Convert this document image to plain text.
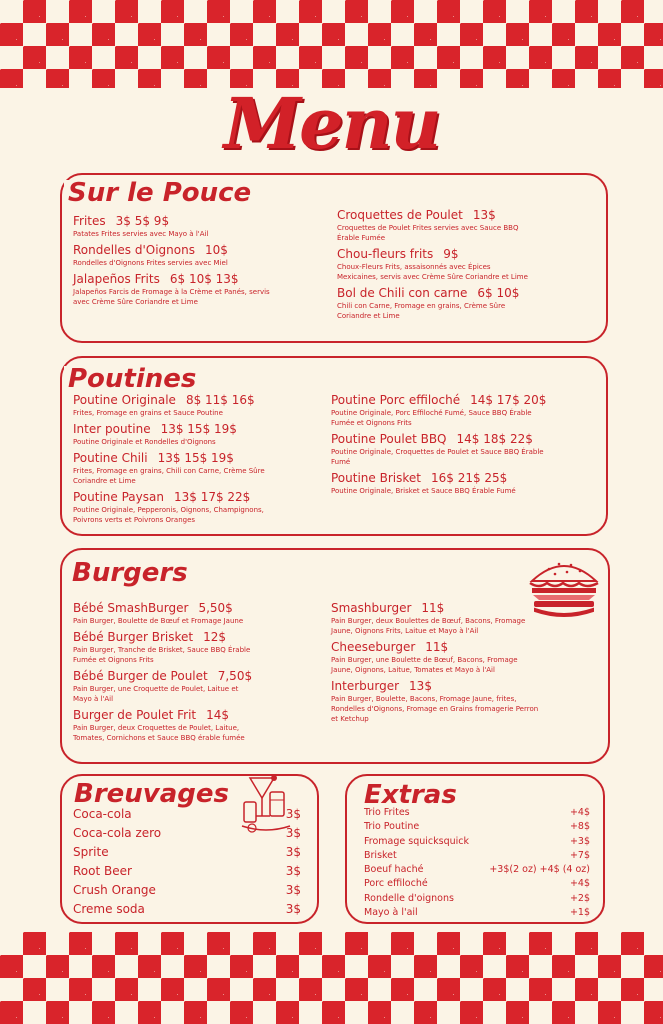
Menu
Sur le Pouce
Frites 3$ 5$ 9$
Patates Frites servies avec Mayo à l'Ail
Rondelles d'Oignons 10$
Rondelles d'Oignons Frites servies avec Miel
Jalapeños Frits 6$ 10$ 13$
Jalapeños Farcis de Fromage à la Crème et Panés, servis avec Crème Sûre Coriandre et Lime
Croquettes de Poulet 13$
Croquettes de Poulet Frites servies avec Sauce BBQ Érable Fumée
Chou-fleurs frits 9$
Choux-Fleurs Frits, assaisonnés avec Épices Mexicaines, servis avec Crème Sûre Coriandre et Lime
Bol de Chili con carne 6$ 10$
Chili con Carne, Fromage en grains, Crème Sûre Coriandre et Lime
Poutines
Poutine Originale 8$ 11$ 16$
Frites, Fromage en grains et Sauce Poutine
Inter poutine 13$ 15$ 19$
Poutine Originale et Rondelles d'Oignons
Poutine Chili 13$ 15$ 19$
Frites, Fromage en grains, Chili con Carne, Crème Sûre Coriandre et Lime
Poutine Paysan 13$ 17$ 22$
Poutine Originale, Pepperonis, Oignons, Champignons, Poivrons verts et Poivrons Oranges
Poutine Porc effiloché 14$ 17$ 20$
Poutine Originale, Porc Effiloché Fumé, Sauce BBQ Érable Fumée et Oignons Frits
Poutine Poulet BBQ 14$ 18$ 22$
Poutine Originale, Croquettes de Poulet et Sauce BBQ Érable Fumé
Poutine Brisket 16$ 21$ 25$
Poutine Originale, Brisket et Sauce BBQ Érable Fumé
Burgers
Bébé SmashBurger 5,50$
Pain Burger, Boulette de Bœuf et Fromage Jaune
Bébé Burger Brisket 12$
Pain Burger, Tranche de Brisket, Sauce BBQ Érable Fumée et Oignons Frits
Bébé Burger de Poulet 7,50$
Pain Burger, une Croquette de Poulet, Laitue et Mayo à l'Ail
Burger de Poulet Frit 14$
Pain Burger, deux Croquettes de Poulet, Laitue, Tomates, Cornichons et Sauce BBQ érable fumée
Smashburger 11$
Pain Burger, deux Boulettes de Bœuf, Bacons, Fromage Jaune, Oignons Frits, Laitue et Mayo à l'Ail
Cheeseburger 11$
Pain Burger, une Boulette de Bœuf, Bacons, Fromage Jaune, Oignons, Laitue, Tomates et Mayo à l'Ail
Interburger 13$
Pain Burger, Boulette, Bacons, Fromage Jaune, frites, Rondelles d'Oignons, Fromage en Grains fromagerie Perron et Ketchup
Breuvages
Coca-cola	3$
Coca-cola zero	3$
Sprite	3$
Root Beer	3$
Crush Orange	3$
Creme soda	3$
Extras
Trio Frites	+4$
Trio Poutine	+8$
Fromage squicksquick	+3$
Brisket	+7$
Boeuf haché	+3$(2 oz) +4$ (4 oz)
Porc effiloché	+4$
Rondelle d'oignons	+2$
Mayo à l'ail	+1$
